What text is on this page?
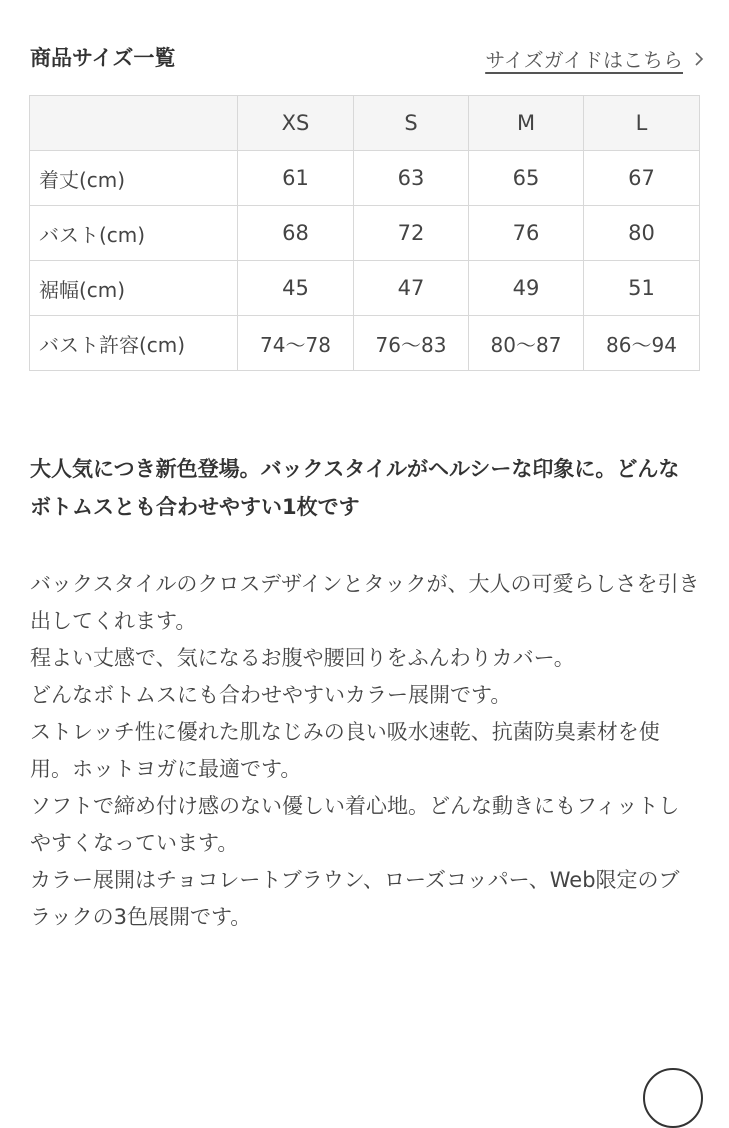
商品サイズ一覧	サイズガイドはこちら
	XS	S	M	L
着丈(cm)	61	63	65	67
バスト(cm)	68	72	76	80
裾幅(cm)	45	47	49	51
バスト許容(cm)	74〜78	76〜83	80〜87	86〜94
大人気につき新色登場。バックスタイルがヘルシーな印象に。どんなボトムスとも合わせやすい1枚です

バックスタイルのクロスデザインとタックが、大人の可愛らしさを引き出してくれます。

程よい丈感で、気になるお腹や腰回りをふんわりカバー。

どんなボトムスにも合わせやすいカラー展開です。

ストレッチ性に優れた肌なじみの良い吸水速乾、抗菌防臭素材を使用。ホットヨガに最適です。

ソフトで締め付け感のない優しい着心地。どんな動きにもフィットしやすくなっています。

カラー展開はチョコレートブラウン、ローズコッパー、Web限定のブラックの3色展開です。
